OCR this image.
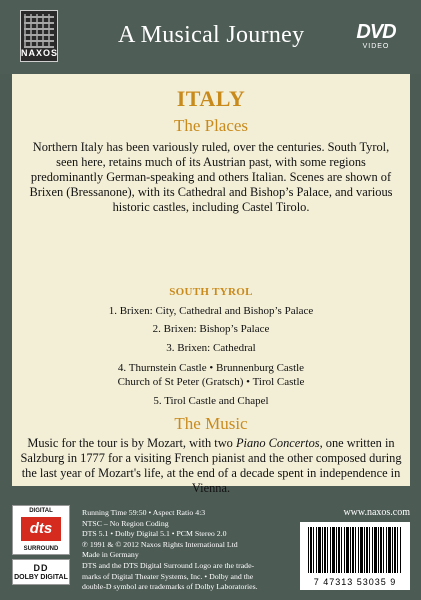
NAXOS
A Musical Journey	DVD
VIDEO
ITALY
The Places
Northern Italy has been variously ruled, over the centuries. South Tyrol, seen here, retains much of its Austrian past, with some regions predominantly German-speaking and others Italian. Scenes are shown of Brixen (Bressanone), with its Cathedral and Bishop’s Palace, and various historic castles, including Castel Tirolo.
SOUTH TYROL
1. Brixen: City, Cathedral and Bishop’s Palace
2. Brixen: Bishop’s Palace
3. Brixen: Cathedral
4. Thurnstein Castle • Brunnenburg Castle
Church of St Peter (Gratsch) • Tirol Castle
5. Tirol Castle and Chapel
The Music
Music for the tour is by Mozart, with two Piano Concertos, one written in Salzburg in 1777 for a visiting French pianist and the other composed during the last year of Mozart's life, at the end of a decade spent in independence in Vienna.
DIGITAL
dts
SURROUND
DD
DOLBY DIGITAL
Running Time 59:50 • Aspect Ratio 4:3
NTSC – No Region Coding
DTS 5.1 • Dolby Digital 5.1 • PCM Stereo 2.0
℗ 1991 & © 2012 Naxos Rights International Ltd
Made in Germany
DTS and the DTS Digital Surround Logo are the trade-
marks of Digital Theater Systems, Inc. • Dolby and the
double-D symbol are trademarks of Dolby Laboratories.
www.naxos.com
7 47313 53035 9
